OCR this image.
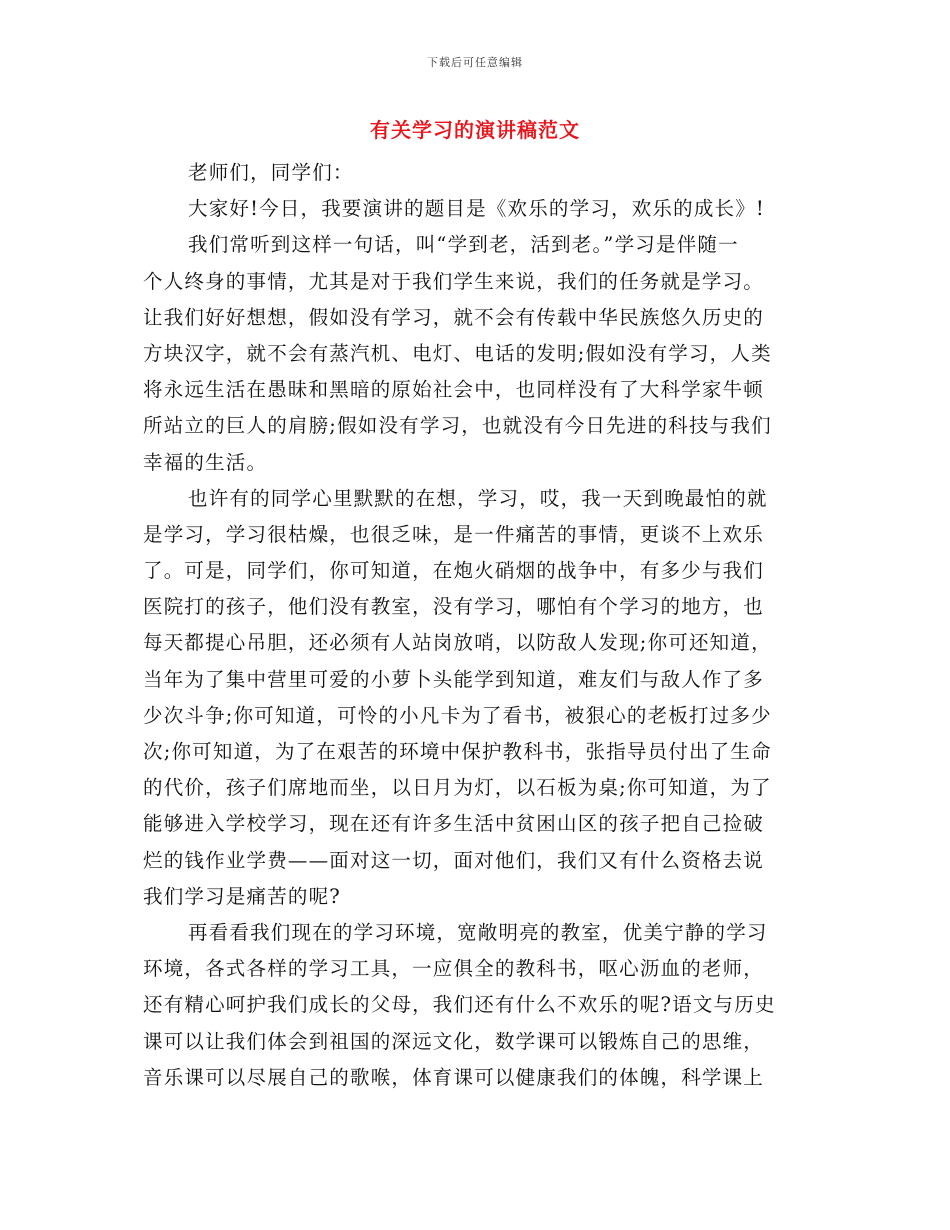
下载后可任意编辑
有关学习的演讲稿范文
老师们，同学们：
大家好!今日，我要演讲的题目是《欢乐的学习，欢乐的成长》!
我们常听到这样一句话，叫“学到老，活到老。”学习是伴随一
个人终身的事情，尤其是对于我们学生来说，我们的任务就是学习。
让我们好好想想，假如没有学习，就不会有传载中华民族悠久历史的
方块汉字，就不会有蒸汽机、电灯、电话的发明;假如没有学习，人类
将永远生活在愚昧和黑暗的原始社会中，也同样没有了大科学家牛顿
所站立的巨人的肩膀;假如没有学习，也就没有今日先进的科技与我们
幸福的生活。
也许有的同学心里默默的在想，学习，哎，我一天到晚最怕的就
是学习，学习很枯燥，也很乏味，是一件痛苦的事情，更谈不上欢乐
了。可是，同学们，你可知道，在炮火硝烟的战争中，有多少与我们
医院打的孩子，他们没有教室，没有学习，哪怕有个学习的地方，也
每天都提心吊胆，还必须有人站岗放哨，以防敌人发现;你可还知道，
当年为了集中营里可爱的小萝卜头能学到知道，难友们与敌人作了多
少次斗争;你可知道，可怜的小凡卡为了看书，被狠心的老板打过多少
次;你可知道，为了在艰苦的环境中保护教科书，张指导员付出了生命
的代价，孩子们席地而坐，以日月为灯，以石板为桌;你可知道，为了
能够进入学校学习，现在还有许多生活中贫困山区的孩子把自己捡破
烂的钱作业学费——面对这一切，面对他们，我们又有什么资格去说
我们学习是痛苦的呢?
再看看我们现在的学习环境，宽敞明亮的教室，优美宁静的学习
环境，各式各样的学习工具，一应俱全的教科书，呕心沥血的老师，
还有精心呵护我们成长的父母，我们还有什么不欢乐的呢?语文与历史
课可以让我们体会到祖国的深远文化，数学课可以锻炼自己的思维，
音乐课可以尽展自己的歌喉，体育课可以健康我们的体魄，科学课上
